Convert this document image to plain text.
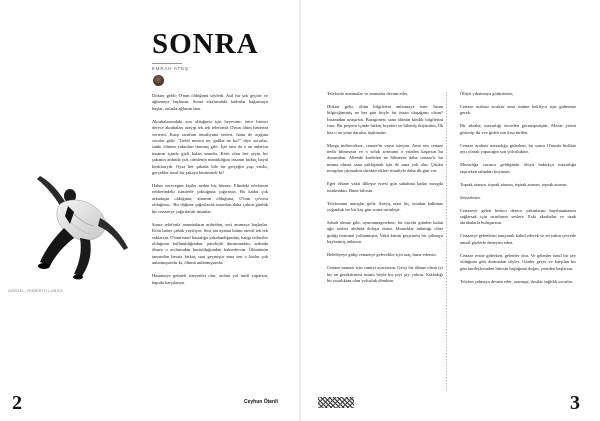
GÖRSEL: ROBERTO LONGO
SONRA
EMRAH ATEŞ

Doktor geldi; O'nun öldüğünü söyledi. Asıl bir şok geçirir ve ağlamaya başlarım. Sonra etrafımdaki kadınlar bağırmaya başlar, onlarla ağlarım tam.

Akrabalarımdaki son olduğunu için heyecanı; önce birinci derece akrabaları arayıp tek tek telefonda O'nun ölüm haberini verirsin. Karşı taraftan önsalıyana sesleri, hatta de açığına sorular gelir. "Geldi mesini ne, galiba ne bu?" diye sorarlar, sanki ölünün yakınları durmuş gibi. İçte tam da o an anlarsın insanın içinde gizli kalan umudu. Kötü olan her şeyin bir şakanın ardında yok cümlenin mantıklığını insanın birkaç hayal kırıklarıydı. Oysa her şakada bile bir gerçeğin yaşı vardır, gerçekler nasıl bir şakaya bürünmeli ki?

Haber verecegim kişiler neden hiç bitmez. Elindeki telefonun rehberindeki isimlerle çoktuğuna çağırırsın. Bu kadar çok arkadaşın olduğuna, alarmın olduğuna, O'nun çevresi olduğuna... Bir düğüne çağırılacak insanları daha çoktur günlük bir cenazeye çağırılacak insanlar.

Sonra telefonla aranmaların ardından, sesi anımaya başlarlar. Kötü haber çabuk yayılıyor. Sesi ara ayama bütün ateval tek tek saklarsın. O'nun nasıl hastalığa yakalandığından, hangi tedaviler olduğunu kullanıldığından, patolojik durumundan, ardında ölmez o acılarından kurtulduğundan bahsedersin. Ölümünün tanrından heraiz birkaç saat geçmiştir ama sen o kadar çok anlatmışsındır ki, ölümü anlatmışsındır.

Hastaneye gelmek isteyenler olur, onlara yol tarifi yaparsın, kapıda karşılarsın.

Telefonla aranmalar ve aramalar devam eder.

Doktor gelir, ölüm bilgilerini anlatmaya ister. İnsan bilgiciğimmiş ne her gün böyle bir insan ulaşağımı olsun? İnsanadan uzaşırsın. Bazıgönen; sana ölünün kimlik bilgilerini ister. Bir poşetin içinde birkaç kıyafeti ve bilemiş ikiyürünü, İlk kez o an yüne daralsa, üşütürsün.

Morga indireceksiz, cenaze'in varsa isteyim. Ama sen cenaze nedir bilmezsin ve o soluk sormunu o yüzden kaşarsın bu durumdan. Allende kardelen ne bilmezse daha cenaze'ir bu muma olmaz sana yaklaşmak için de sana yok olur. Çünkü morgdan çıkmadım sürakrecekleri ritualiyle daha ilk gün var.

Eğer ölüme vakti ilkleşse ertesi gün sabahına kadar morgda tutulmaktır. Buna bilirsin.

Telefonunu ararışlar gelir. Arayış arası hiç ortadan kalkmaz yoğunluk ise bir kaç gün sonra rutinleşir.

Sabah olmaz gibi, uyumamagereken; bir önceki günden kalan ağır sesleri akılnda dolaşır durur. Morarklar anlattığı cihet gittiği terminal yollanmıştır. Vakti kimin geçirmesi bir çalmaya kaybetmiş anlarsın.

Belediyeye gidip cenazeye gelecekler için araç hazır edersin.

Cenaze namazı için camiyi ayarlarsın. Gerçi bir ölüme olsun iyi bir an gerektirmesi insanı böyle bir şeyi şey yoktur. Sakladığı bir ıssızlıktan olan yolculuk döndüm.

Ölüyü yıkatmaya götürürsün,

Cenaze arabası sıcaktır ama üstüne bekliyor için gülmeme gerek.

Bir akraba, mezarlığı önceden görmüşmüştür. Mezar yerini gösterip iki eve giden son kısa türden.

Cenaze arabası mezarlığa giderken, bu sonra O'nunla birlikte ayrı olarak yapacağın son yolculuktur.

Mezarlığa varınca geldiğinde ölüyü baktıkça mezarlığa taşırırken tahtaları koyarsın.

Toprak atarsın, toprak atarsın, toprak atarsın, toprak atarsın.

Sessizlesin.

Cenazeye gelen birinci derece yakınlarını bayılmamasını sağlarsak için ısrarlarım seslere. Eski akrabalar ve uzak akrabalarla buluşursun.

Cenazeye gelenlerin tanıyarak kabul ederek ve en yakın çevrede anısal gözlerle deneyim eden.

Cenaze evine giderken, gelenler olur. Ve gelenler nasıl bir şey olduğunu gibi durmadan söyler. Günler geçer ve karşılan bir gün kardeşlerinden bitirsin başlığıma doğru, yeniden başlarsın.

Telefon çalmaya devam eder, aramışır, dostlar sağlıklı sorarlar.

2	3
Ceyhun Ötenli
